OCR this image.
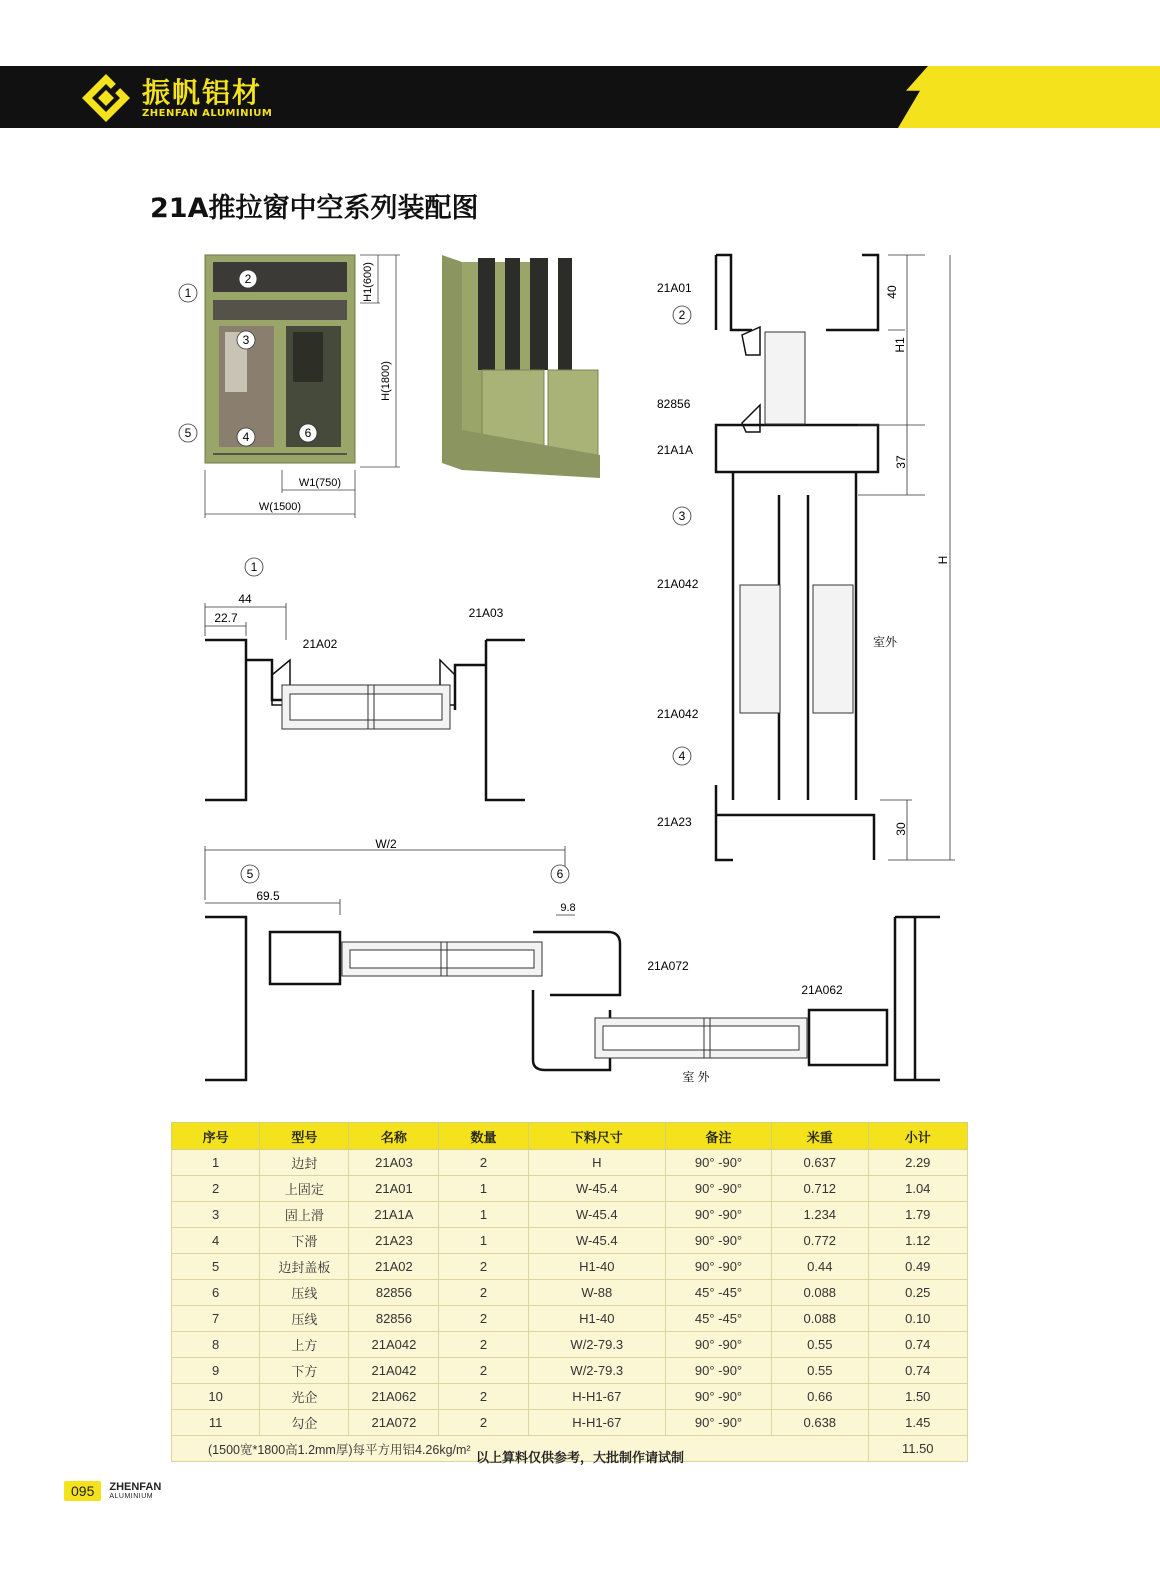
振帆铝材
ZHENFAN ALUMINIUM
21A推拉窗中空系列装配图
H1(600)
H(1800)
W1(750)
W(1500)
1
2
3
4
5	6
1
44
22.7
21A02
21A03
40
H1
37
H
30
21A01
82856
21A1A
21A042
21A042
21A23
室外
2
3
4
W/2
69.5
9.8
5	6
21A072
21A062
室 外
序号	型号	名称	数量	下料尺寸	备注	米重	小计
1	边封	21A03	2	H	90° -90°	0.637	2.29
2	上固定	21A01	1	W-45.4	90° -90°	0.712	1.04
3	固上滑	21A1A	1	W-45.4	90° -90°	1.234	1.79
4	下滑	21A23	1	W-45.4	90° -90°	0.772	1.12
5	边封盖板	21A02	2	H1-40	90° -90°	0.44	0.49
6	压线	82856	2	W-88	45° -45°	0.088	0.25
7	压线	82856	2	H1-40	45° -45°	0.088	0.10
8	上方	21A042	2	W/2-79.3	90° -90°	0.55	0.74
9	下方	21A042	2	W/2-79.3	90° -90°	0.55	0.74
10	光企	21A062	2	H-H1-67	90° -90°	0.66	1.50
11	勾企	21A072	2	H-H1-67	90° -90°	0.638	1.45
(1500宽*1800高1.2mm厚)每平方用铝4.26kg/m²							11.50
以上算料仅供参考，大批制作请试制
095	ZHENFAN
ALUMINIUM
